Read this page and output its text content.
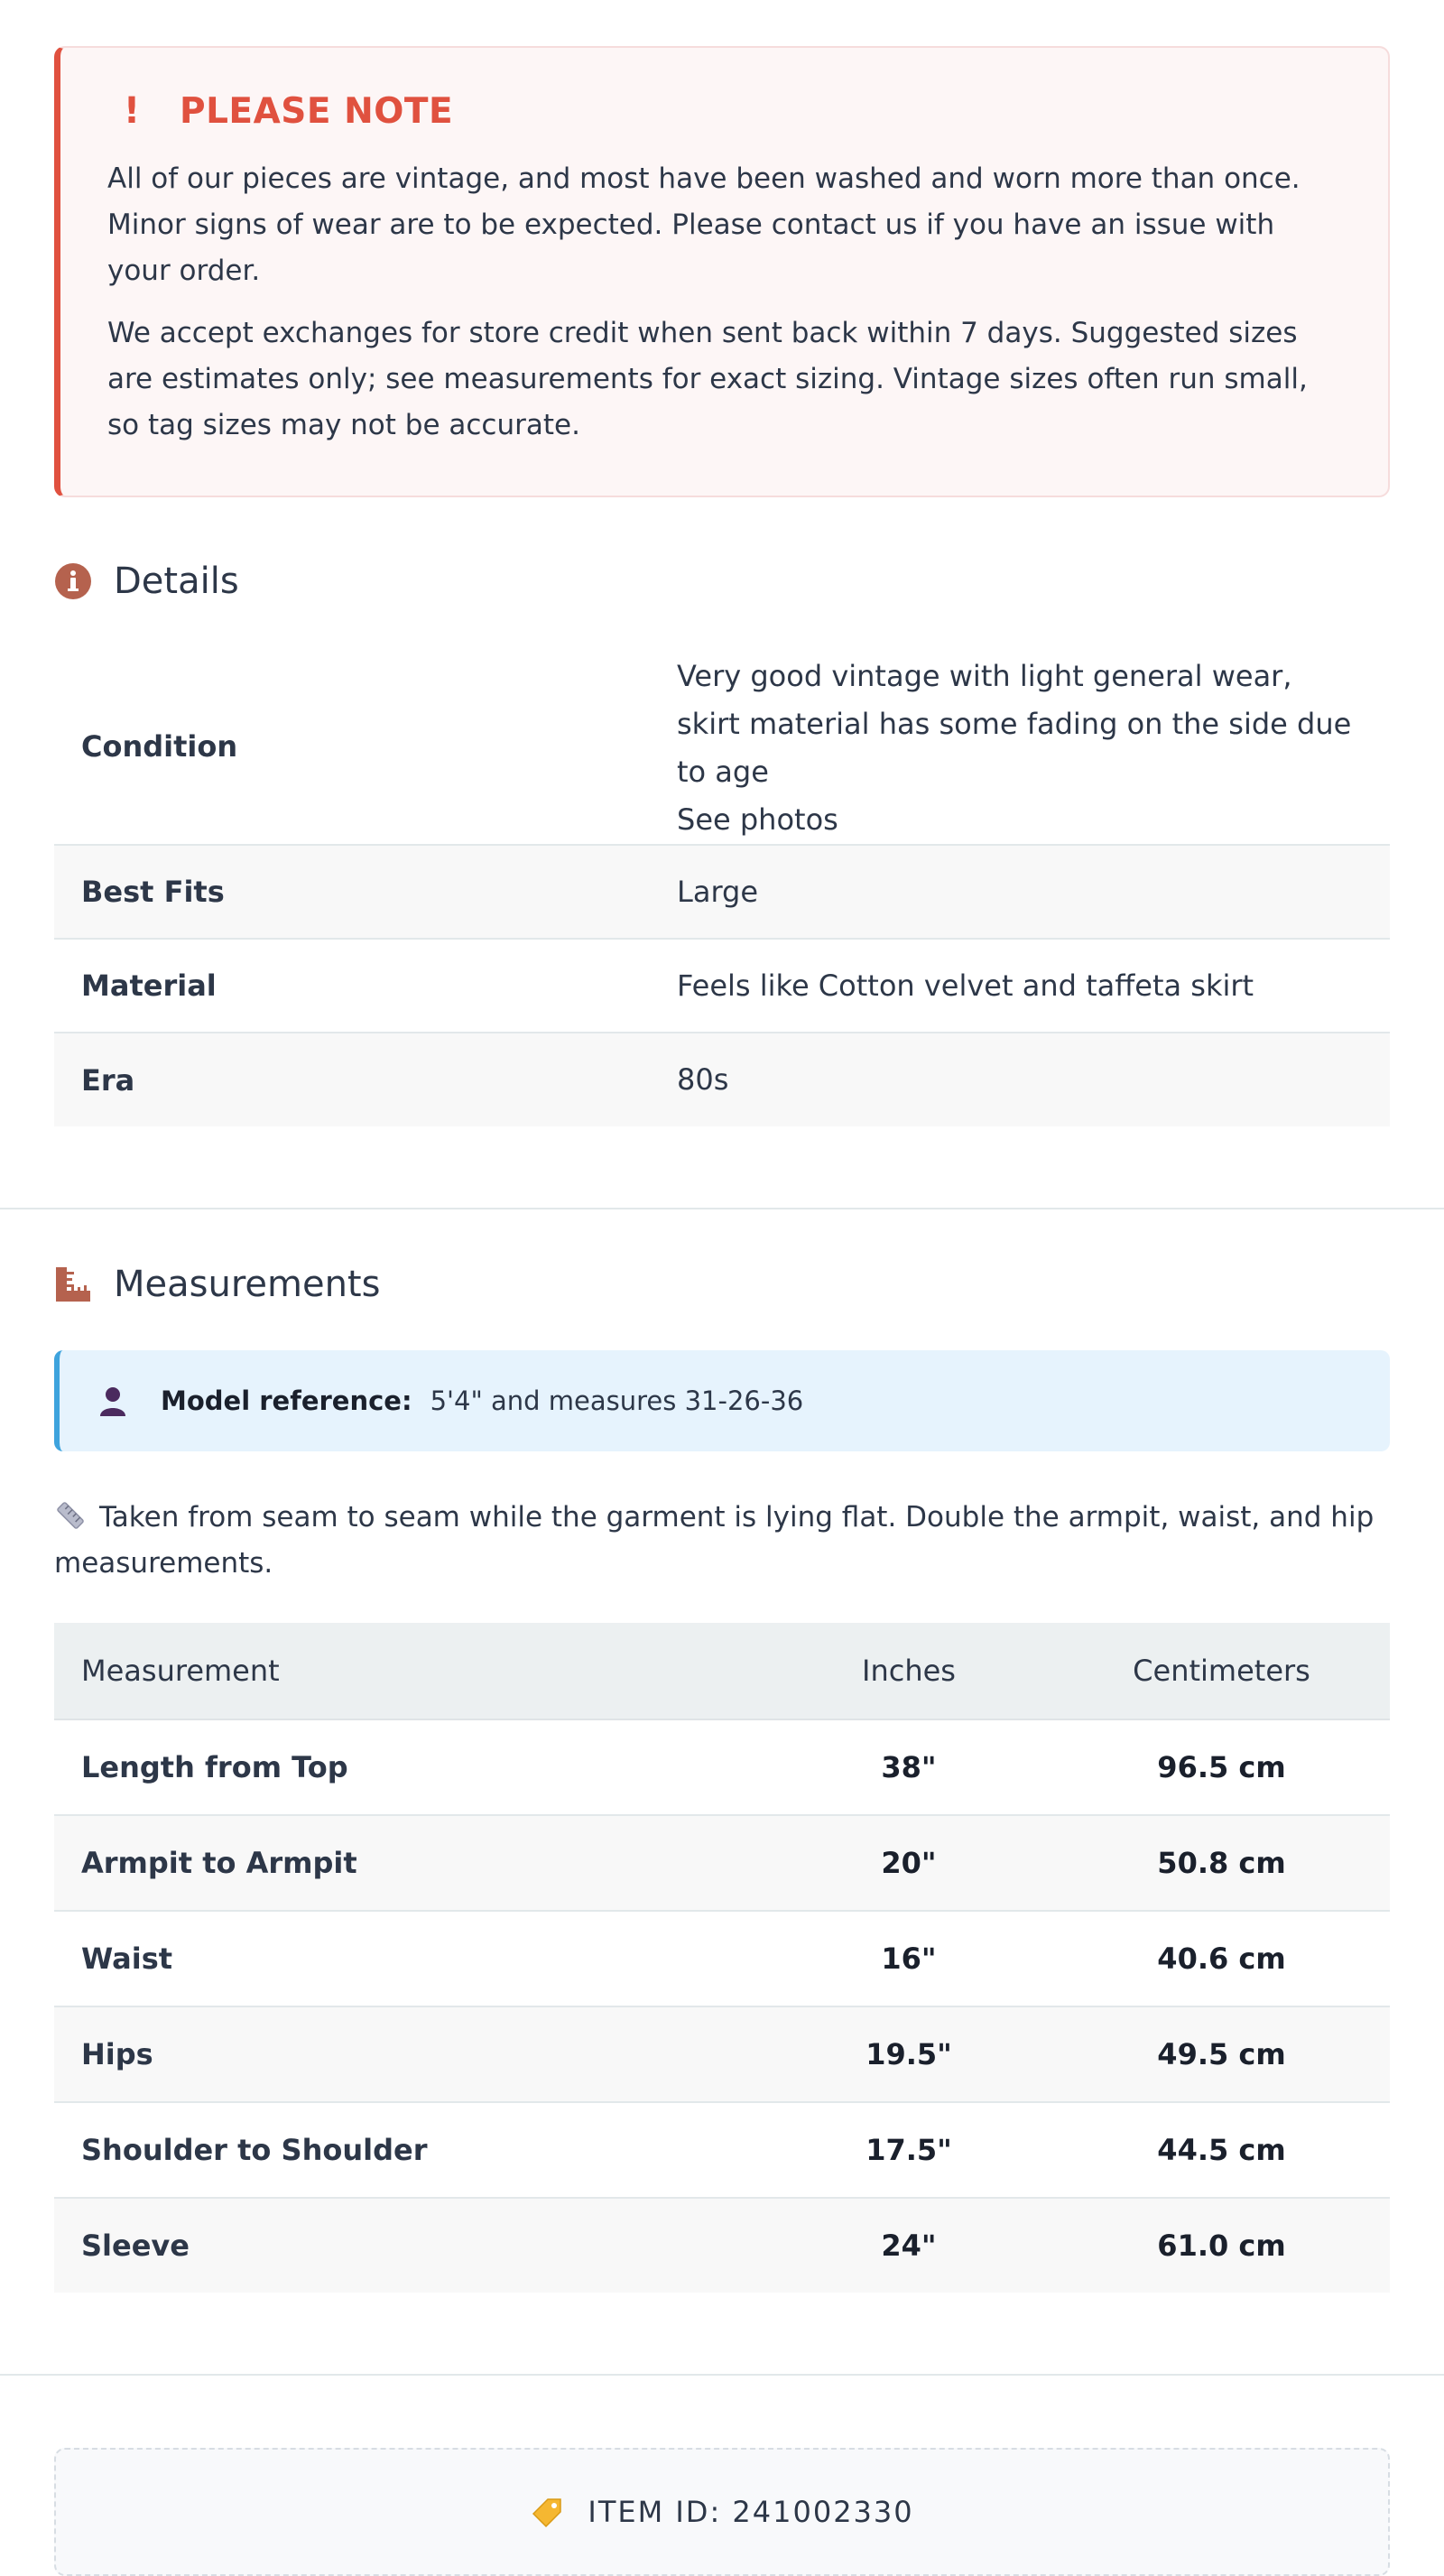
! PLEASE NOTE

All of our pieces are vintage, and most have been washed and worn more than once. Minor signs of wear are to be expected. Please contact us if you have an issue with your order.

We accept exchanges for store credit when sent back within 7 days. Suggested sizes are estimates only; see measurements for exact sizing. Vintage sizes often run small, so tag sizes may not be accurate.

Details
Condition	Very good vintage with light general wear, skirt material has some fading on the side due to age
See photos

Best Fits	Large
Material	Feels like Cotton velvet and taffeta skirt
Era	80s
Measurements
Model reference: 5'4" and measures 31-26-36
Taken from seam to seam while the garment is lying flat. Double the armpit, waist, and hip measurements.
Measurement	Inches	Centimeters
Length from Top	38"	96.5 cm
Armpit to Armpit	20"	50.8 cm
Waist	16"	40.6 cm
Hips	19.5"	49.5 cm
Shoulder to Shoulder	17.5"	44.5 cm
Sleeve	24"	61.0 cm
ITEM ID: 241002330
